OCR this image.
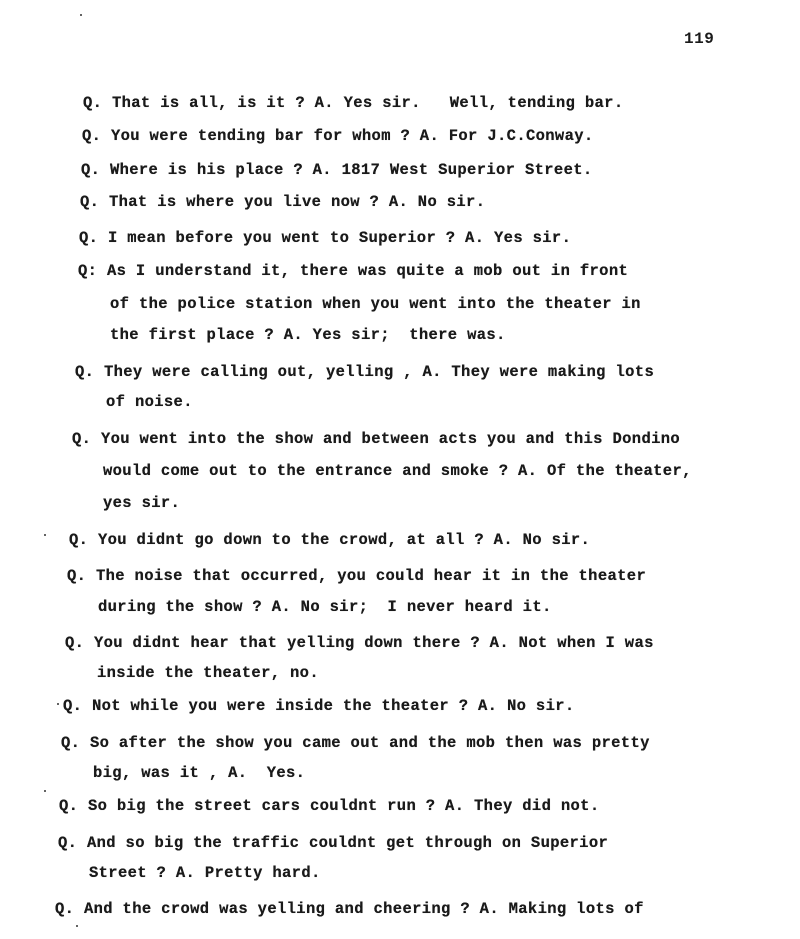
119
Q. That is all, is it ? A. Yes sir.   Well, tending bar.
Q. You were tending bar for whom ? A. For J.C.Conway.
Q. Where is his place ? A. 1817 West Superior Street.
Q. That is where you live now ? A. No sir.
Q. I mean before you went to Superior ? A. Yes sir.
Q: As I understand it, there was quite a mob out in front
of the police station when you went into the theater in
the first place ? A. Yes sir;  there was.
Q. They were calling out, yelling , A. They were making lots
of noise.
Q. You went into the show and between acts you and this Dondino
would come out to the entrance and smoke ? A. Of the theater,
yes sir.
Q. You didnt go down to the crowd, at all ? A. No sir.
Q. The noise that occurred, you could hear it in the theater
during the show ? A. No sir;  I never heard it.
Q. You didnt hear that yelling down there ? A. Not when I was
inside the theater, no.
Q. Not while you were inside the theater ? A. No sir.
Q. So after the show you came out and the mob then was pretty
big, was it , A.  Yes.
Q. So big the street cars couldnt run ? A. They did not.
Q. And so big the traffic couldnt get through on Superior
Street ? A. Pretty hard.
Q. And the crowd was yelling and cheering ? A. Making lots of
